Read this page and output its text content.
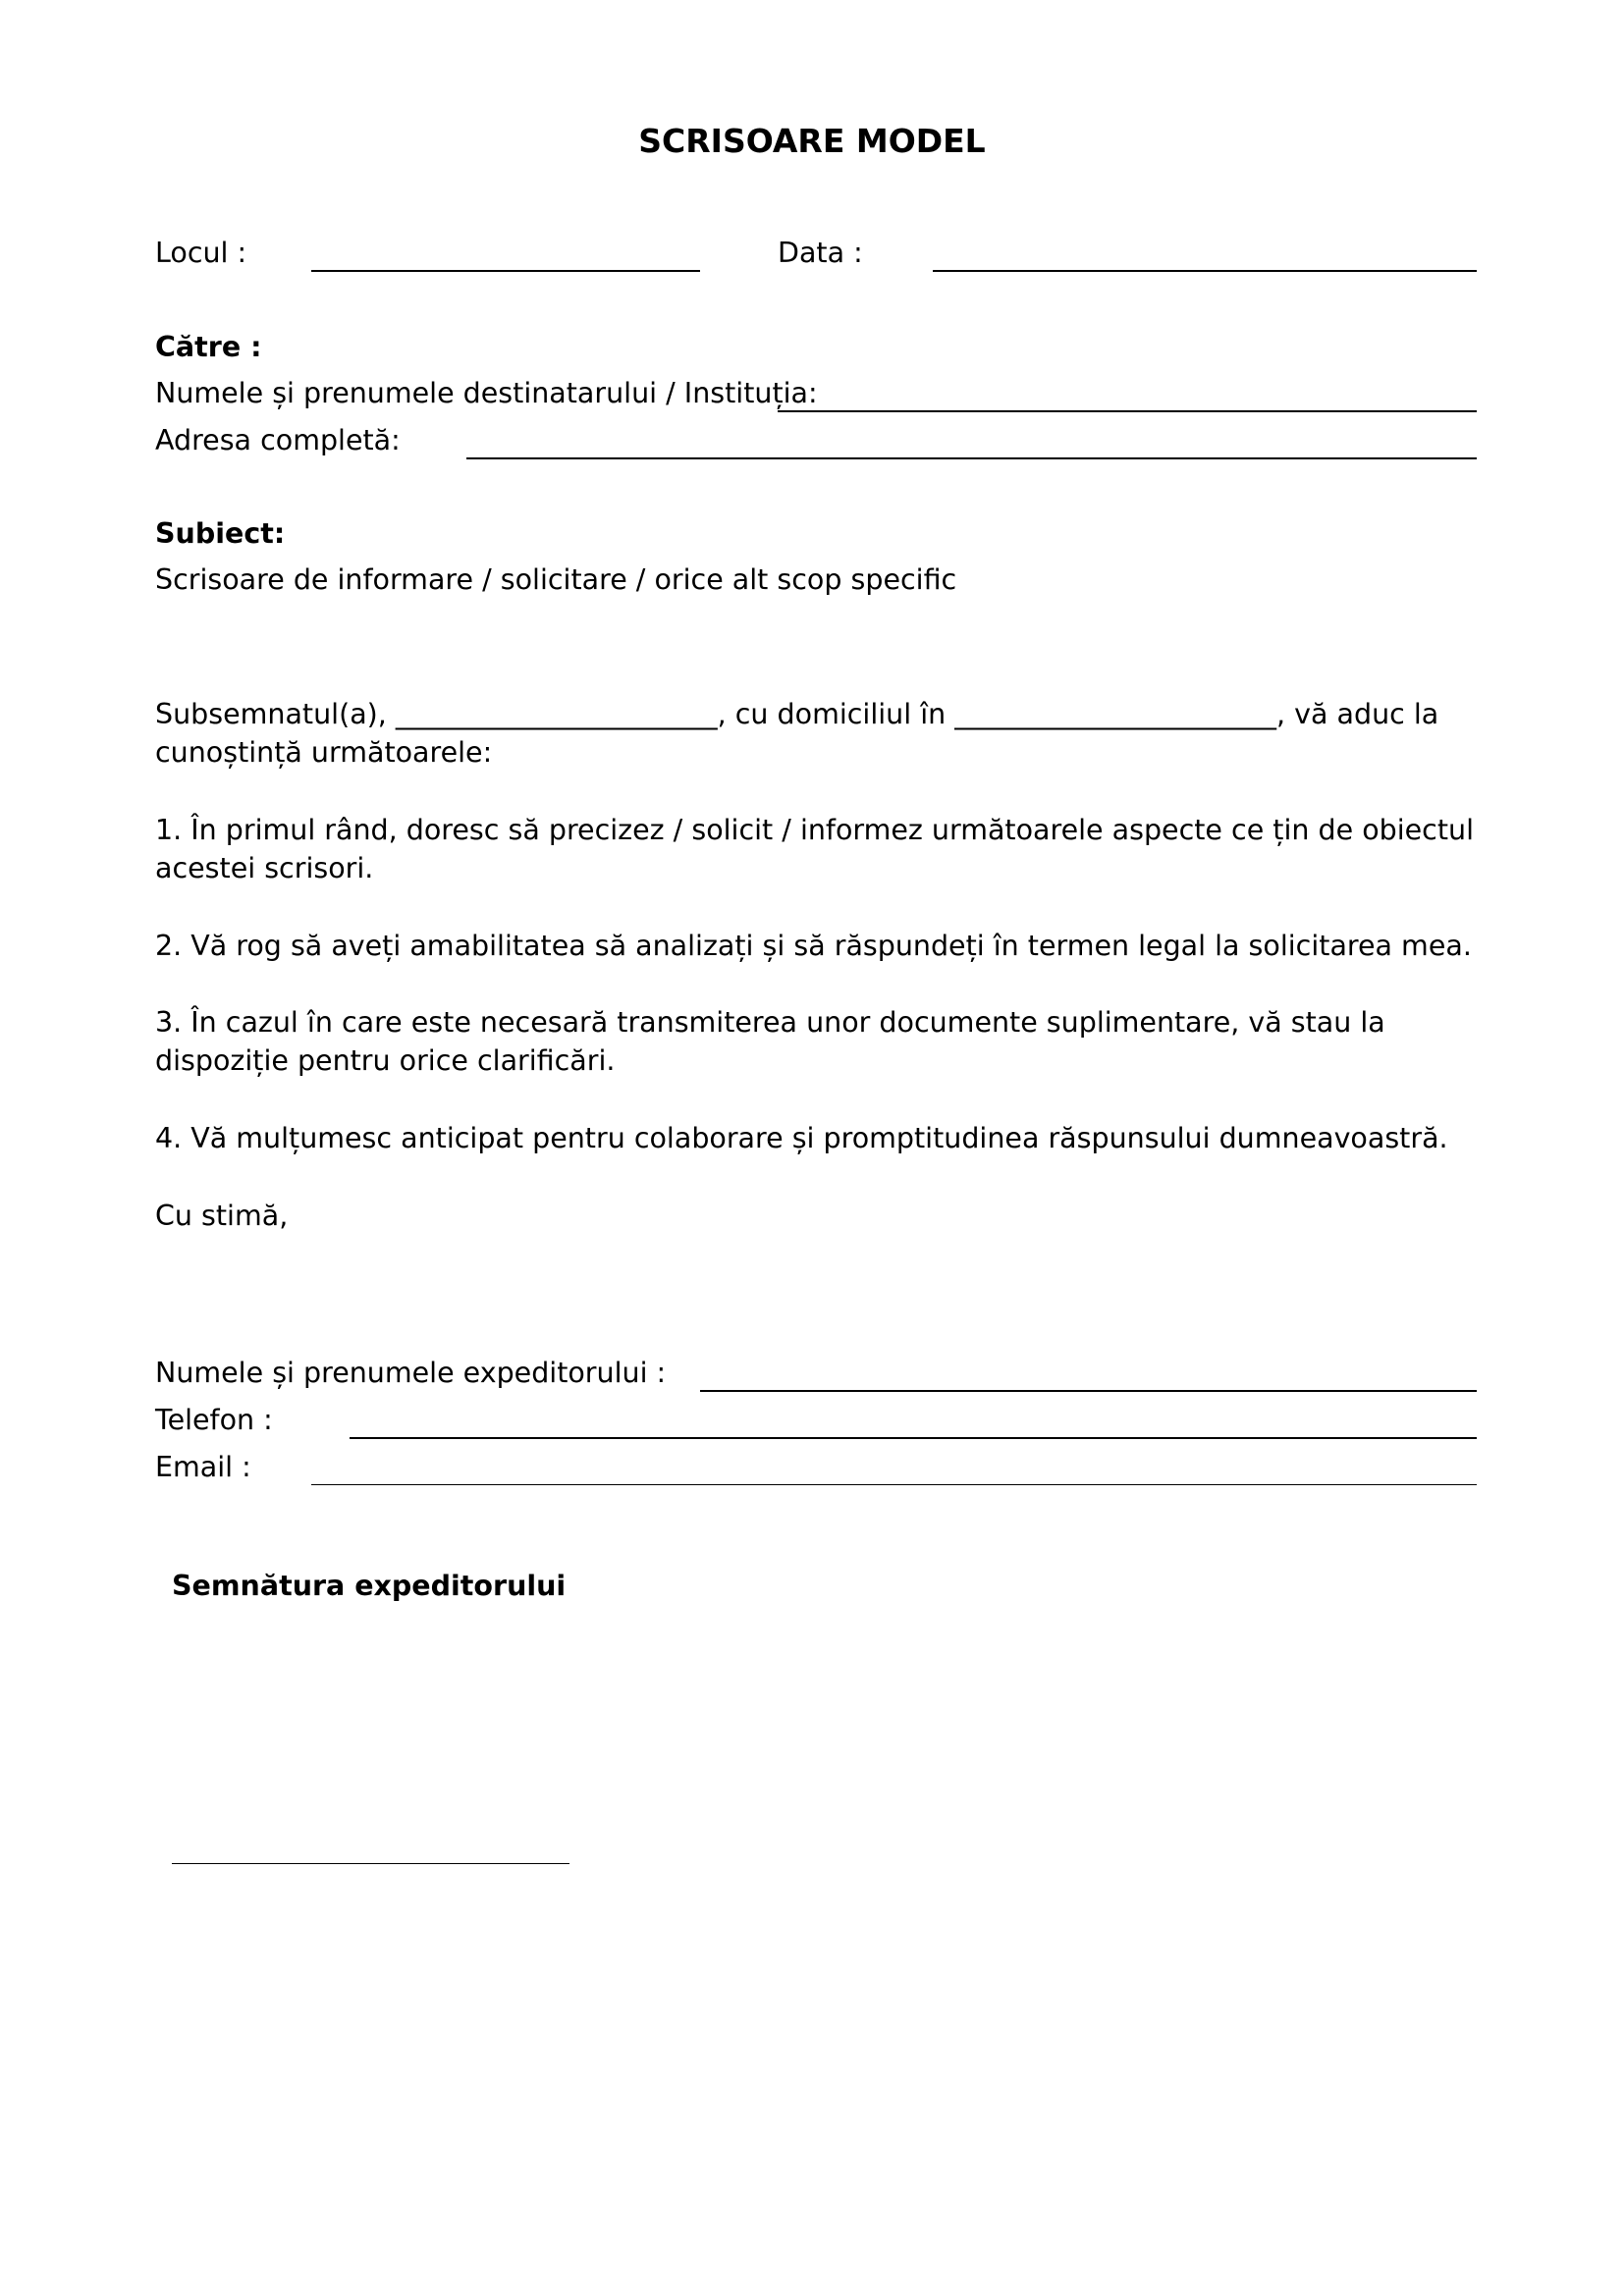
SCRISOARE MODEL

Locul :	Data :

Către :

Numele și prenumele destinatarului / Instituția:

Adresa completă:

Subiect:

Scrisoare de informare / solicitare / orice alt scop specific

Subsemnatul(a), _______________________, cu domiciliul în _______________________, vă aduc la cunoștință următoarele:

1. În primul rând, doresc să precizez / solicit / informez următoarele aspecte ce țin de obiectul acestei scrisori.

2. Vă rog să aveți amabilitatea să analizați și să răspundeți în termen legal la solicitarea mea.

3. În cazul în care este necesară transmiterea unor documente suplimentare, vă stau la dispoziție pentru orice clarificări.

4. Vă mulțumesc anticipat pentru colaborare și promptitudinea răspunsului dumneavoastră.

Cu stimă,

Numele și prenumele expeditorului :

Telefon :

Email :

Semnătura expeditorului
